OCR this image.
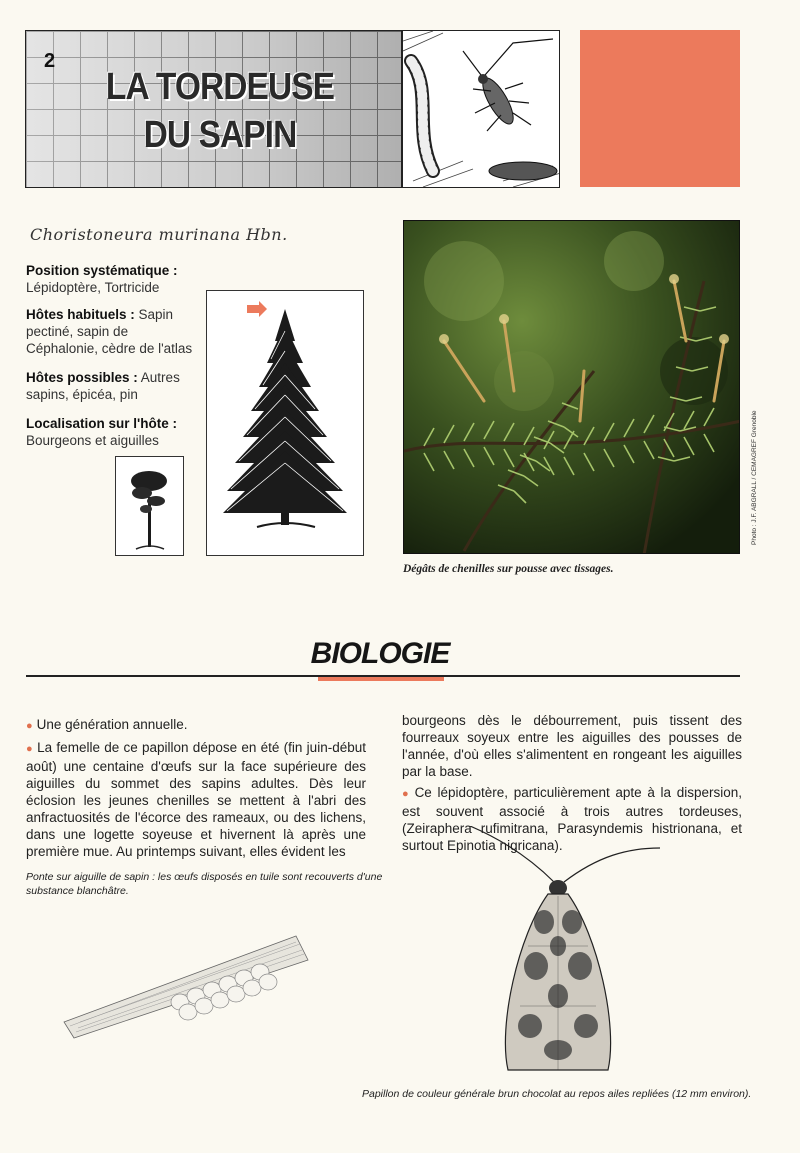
2
LA TORDEUSE
DU SAPIN
Choristoneura murinana Hbn.
Position systématique :
Lépidoptère, Tortricide
Hôtes habituels : Sapin pectiné, sapin de Céphalonie, cèdre de l'atlas
Hôtes possibles : Autres sapins, épicéa, pin
Localisation sur l'hôte :
Bourgeons et aiguilles	Photo : J.F. ABGRALL / CEMAGREF Grenoble
Dégâts de chenilles sur pousse avec tissages.
BIOLOGIE

● Une génération annuelle.

● La femelle de ce papillon dépose en été (fin juin-début août) une centaine d'œufs sur la face supérieure des aiguilles du sommet des sapins adultes. Dès leur éclosion les jeunes chenilles se mettent à l'abri des anfractuosités de l'écorce des rameaux, ou des lichens, dans une logette soyeuse et hivernent là après une première mue. Au printemps suivant, elles évident les

bourgeons dès le débourrement, puis tissent des fourreaux soyeux entre les aiguilles des pousses de l'année, d'où elles s'alimentent en rongeant les aiguilles par la base.

● Ce lépidoptère, particulièrement apte à la dispersion, est souvent associé à trois autres tordeuses, (Zeiraphera rufimitrana, Parasyndemis histrionana, et surtout Epinotia nigricana).

Ponte sur aiguille de sapin : les œufs disposés en tuile sont recouverts d'une substance blanchâtre.
Papillon de couleur générale brun chocolat au repos ailes repliées (12 mm environ).
